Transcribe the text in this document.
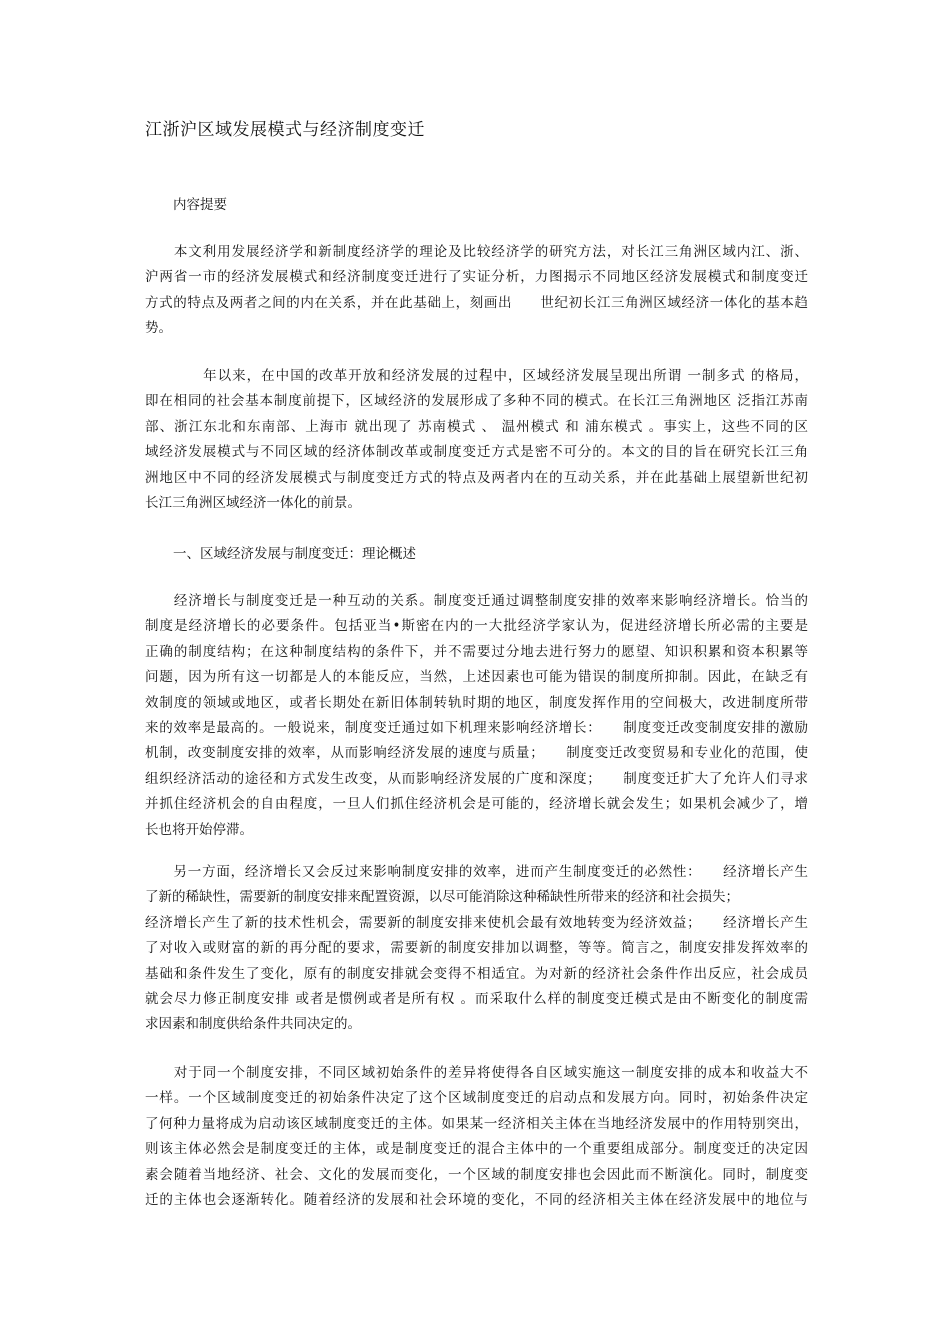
江浙沪区域发展模式与经济制度变迁
内容提要
　　本文利用发展经济学和新制度经济学的理论及比较经济学的研究方法，对长江三角洲区域内江、浙、
沪两省一市的经济发展模式和经济制度变迁进行了实证分析，力图揭示不同地区经济发展模式和制度变迁
方式的特点及两者之间的内在关系，并在此基础上，刻画出　　世纪初长江三角洲区域经济一体化的基本趋
势。
　　　　年以来，在中国的改革开放和经济发展的过程中，区域经济发展呈现出所谓 一制多式 的格局，
即在相同的社会基本制度前提下，区域经济的发展形成了多种不同的模式。在长江三角洲地区 泛指江苏南
部、浙江东北和东南部、上海市 就出现了 苏南模式 、 温州模式 和 浦东模式 。事实上，这些不同的区
域经济发展模式与不同区域的经济体制改革或制度变迁方式是密不可分的。本文的目的旨在研究长江三角
洲地区中不同的经济发展模式与制度变迁方式的特点及两者内在的互动关系，并在此基础上展望新世纪初
长江三角洲区域经济一体化的前景。
一、区域经济发展与制度变迁：理论概述
　　经济增长与制度变迁是一种互动的关系。制度变迁通过调整制度安排的效率来影响经济增长。恰当的
制度是经济增长的必要条件。包括亚当•斯密在内的一大批经济学家认为，促进经济增长所必需的主要是
正确的制度结构；在这种制度结构的条件下，并不需要过分地去进行努力的愿望、知识积累和资本积累等
问题，因为所有这一切都是人的本能反应，当然，上述因素也可能为错误的制度所抑制。因此，在缺乏有
效制度的领域或地区，或者长期处在新旧体制转轨时期的地区，制度发挥作用的空间极大，改进制度所带
来的效率是最高的。一般说来，制度变迁通过如下机理来影响经济增长：　　制度变迁改变制度安排的激励
机制，改变制度安排的效率，从而影响经济发展的速度与质量；　　制度变迁改变贸易和专业化的范围，使
组织经济活动的途径和方式发生改变，从而影响经济发展的广度和深度；　　制度变迁扩大了允许人们寻求
并抓住经济机会的自由程度，一旦人们抓住经济机会是可能的，经济增长就会发生；如果机会减少了，增
长也将开始停滞。
　　另一方面，经济增长又会反过来影响制度安排的效率，进而产生制度变迁的必然性：　　经济增长产生
了新的稀缺性，需要新的制度安排来配置资源，以尽可能消除这种稀缺性所带来的经济和社会损失；
经济增长产生了新的技术性机会，需要新的制度安排来使机会最有效地转变为经济效益；　　经济增长产生
了对收入或财富的新的再分配的要求，需要新的制度安排加以调整，等等。简言之，制度安排发挥效率的
基础和条件发生了变化，原有的制度安排就会变得不相适宜。为对新的经济社会条件作出反应，社会成员
就会尽力修正制度安排 或者是惯例或者是所有权 。而采取什么样的制度变迁模式是由不断变化的制度需
求因素和制度供给条件共同决定的。
　　对于同一个制度安排，不同区域初始条件的差异将使得各自区域实施这一制度安排的成本和收益大不
一样。一个区域制度变迁的初始条件决定了这个区域制度变迁的启动点和发展方向。同时，初始条件决定
了何种力量将成为启动该区域制度变迁的主体。如果某一经济相关主体在当地经济发展中的作用特别突出，
则该主体必然会是制度变迁的主体，或是制度变迁的混合主体中的一个重要组成部分。制度变迁的决定因
素会随着当地经济、社会、文化的发展而变化，一个区域的制度安排也会因此而不断演化。同时，制度变
迁的主体也会逐渐转化。随着经济的发展和社会环境的变化，不同的经济相关主体在经济发展中的地位与
